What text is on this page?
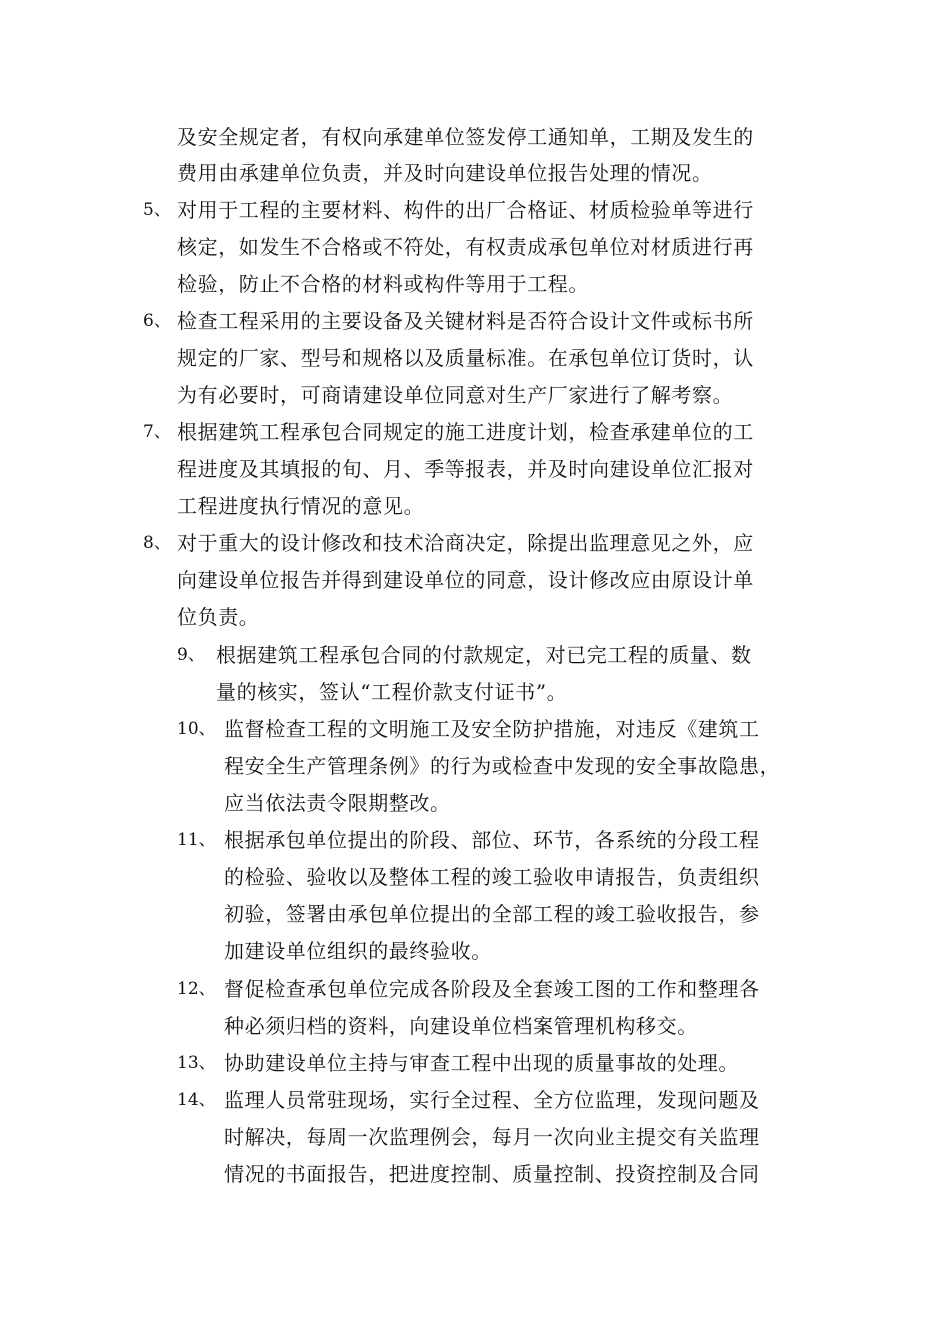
及安全规定者，有权向承建单位签发停工通知单，工期及发生的
费用由承建单位负责，并及时向建设单位报告处理的情况。
5、 对用于工程的主要材料、构件的出厂合格证、材质检验单等进行
核定，如发生不合格或不符处，有权责成承包单位对材质进行再
检验，防止不合格的材料或构件等用于工程。
6、 检查工程采用的主要设备及关键材料是否符合设计文件或标书所
规定的厂家、型号和规格以及质量标准。在承包单位订货时，认
为有必要时，可商请建设单位同意对生产厂家进行了解考察。
7、 根据建筑工程承包合同规定的施工进度计划，检查承建单位的工
程进度及其填报的旬、月、季等报表，并及时向建设单位汇报对
工程进度执行情况的意见。
8、 对于重大的设计修改和技术洽商决定，除提出监理意见之外，应
向建设单位报告并得到建设单位的同意，设计修改应由原设计单
位负责。
9、 根据建筑工程承包合同的付款规定，对已完工程的质量、数
量的核实，签认“工程价款支付证书”。
10、 监督检查工程的文明施工及安全防护措施，对违反《建筑工
程安全生产管理条例》的行为或检查中发现的安全事故隐患，
应当依法责令限期整改。
11、 根据承包单位提出的阶段、部位、环节，各系统的分段工程
的检验、验收以及整体工程的竣工验收申请报告，负责组织
初验，签署由承包单位提出的全部工程的竣工验收报告，参
加建设单位组织的最终验收。
12、 督促检查承包单位完成各阶段及全套竣工图的工作和整理各
种必须归档的资料，向建设单位档案管理机构移交。
13、 协助建设单位主持与审查工程中出现的质量事故的处理。
14、 监理人员常驻现场，实行全过程、全方位监理，发现问题及
时解决，每周一次监理例会，每月一次向业主提交有关监理
情况的书面报告，把进度控制、质量控制、投资控制及合同
